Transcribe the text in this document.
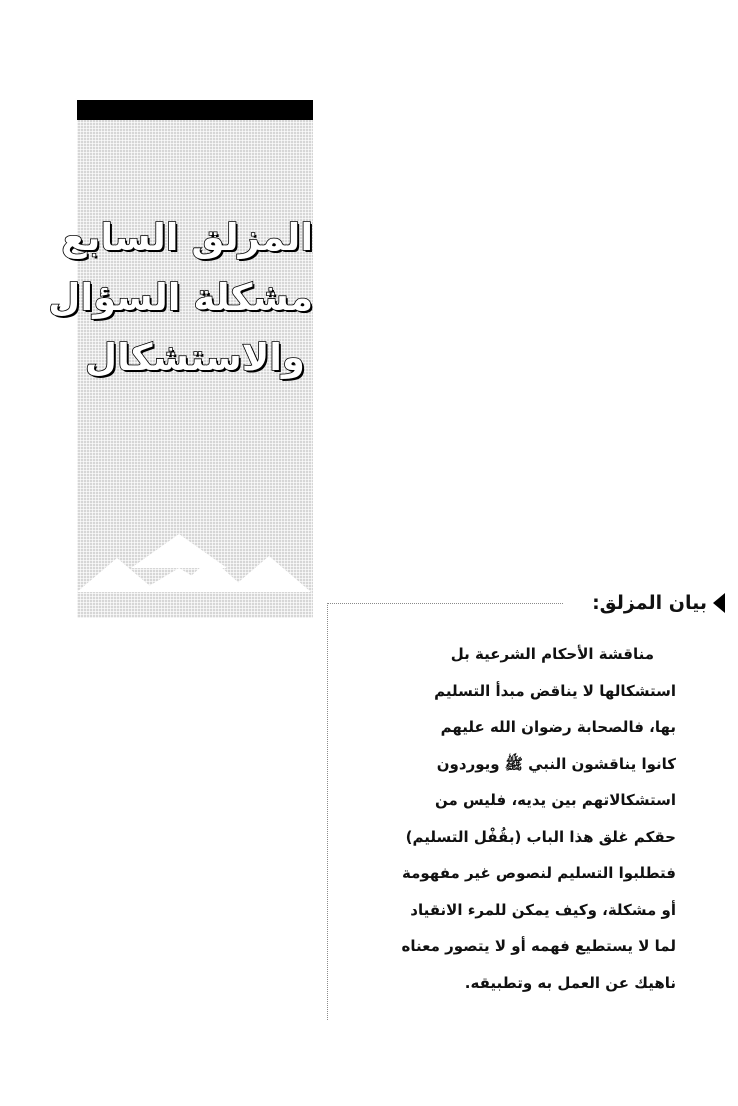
المزلق السابع
مشكلة السؤال
والاستشكال
بيان المزلق:
مناقشة الأحكام الشرعية بل
استشكالها لا يناقض مبدأ التسليم
بها، فالصحابة رضوان الله عليهم
كانوا يناقشون النبي ﷺ ويوردون
استشكالاتهم بين يديه، فليس من
حقكم غلق هذا الباب (بقُفْل التسليم)
فتطلبوا التسليم لنصوص غير مفهومة
أو مشكلة، وكيف يمكن للمرء الانقياد
لما لا يستطيع فهمه أو لا يتصور معناه
ناهيك عن العمل به وتطبيقه.
